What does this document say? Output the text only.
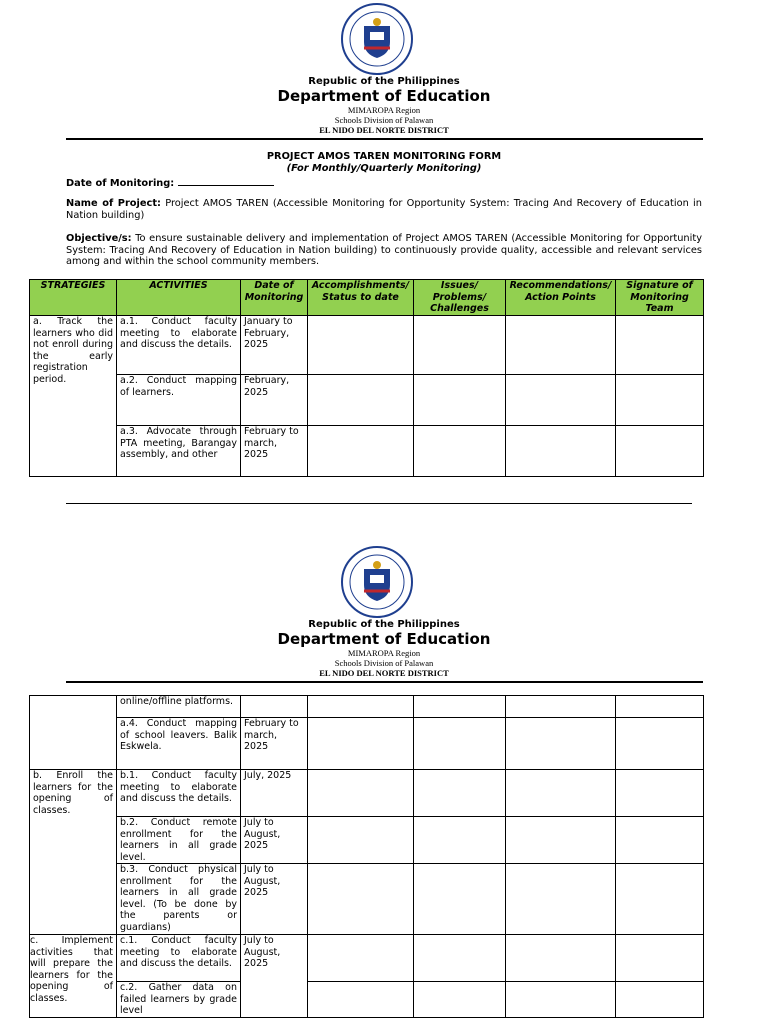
Republic of the Philippines
Department of Education
MIMAROPA Region
Schools Division of Palawan
EL NIDO DEL NORTE DISTRICT
PROJECT AMOS TAREN MONITORING FORM
(For Monthly/Quarterly Monitoring)
Date of Monitoring:
Name of Project: Project AMOS TAREN (Accessible Monitoring for Opportunity System: Tracing And Recovery of Education in Nation building)
Objective/s: To ensure sustainable delivery and implementation of Project AMOS TAREN (Accessible Monitoring for Opportunity System: Tracing And Recovery of Education in Nation building) to continuously provide quality, accessible and relevant services among and within the school community members.
STRATEGIES	ACTIVITIES	Date of Monitoring	Accomplishments/ Status to date	Issues/ Problems/ Challenges	Recommendations/ Action Points	Signature of Monitoring Team
a. Track the learners who did not enroll during the early registration period.	a.1. Conduct faculty meeting to elaborate and discuss the details.	January to February, 2025				
	a.2. Conduct mapping of learners.	February, 2025				
	a.3. Advocate through PTA meeting, Barangay assembly, and other	February to march, 2025				
Republic of the Philippines
Department of Education
MIMAROPA Region
Schools Division of Palawan
EL NIDO DEL NORTE DISTRICT
	online/offline platforms.					
	a.4. Conduct mapping of school leavers. Balik Eskwela.	February to march, 2025				
b. Enroll the learners for the opening of classes.	b.1. Conduct faculty meeting to elaborate and discuss the details.	July, 2025				
	b.2. Conduct remote enrollment for the learners in all grade level.	July to August, 2025				
	b.3. Conduct physical enrollment for the learners in all grade level. (To be done by the parents or guardians)	July to August, 2025				
c. Implement activities that will prepare the learners for the opening of classes.	c.1. Conduct faculty meeting to elaborate and discuss the details.	July to August, 2025				
	c.2. Gather data on failed learners by grade level					
